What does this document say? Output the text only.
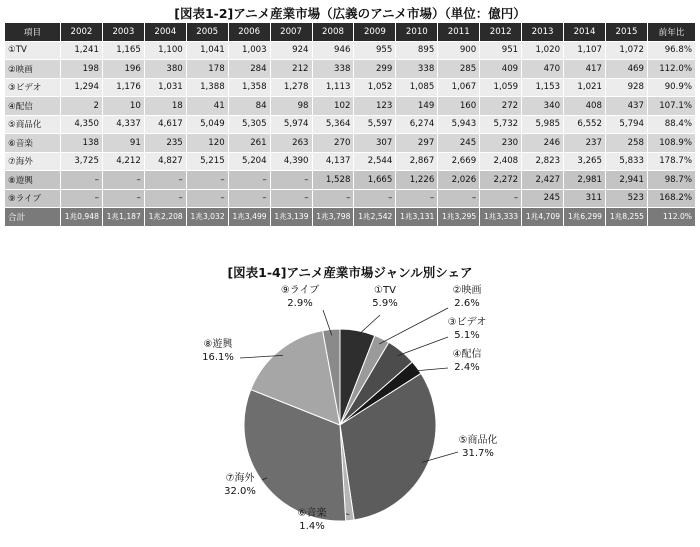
[図表1-2]アニメ産業市場（広義のアニメ市場）（単位：億円）
項目	2002	2003	2004	2005	2006	2007	2008	2009	2010	2011	2012	2013	2014	2015	前年比
①TV	1,241	1,165	1,100	1,041	1,003	924	946	955	895	900	951	1,020	1,107	1,072	96.8%
②映画	198	196	380	178	284	212	338	299	338	285	409	470	417	469	112.0%
③ビデオ	1,294	1,176	1,031	1,388	1,358	1,278	1,113	1,052	1,085	1,067	1,059	1,153	1,021	928	90.9%
④配信	2	10	18	41	84	98	102	123	149	160	272	340	408	437	107.1%
⑤商品化	4,350	4,337	4,617	5,049	5,305	5,974	5,364	5,597	6,274	5,943	5,732	5,985	6,552	5,794	88.4%
⑥音楽	138	91	235	120	261	263	270	307	297	245	230	246	237	258	108.9%
⑦海外	3,725	4,212	4,827	5,215	5,204	4,390	4,137	2,544	2,867	2,669	2,408	2,823	3,265	5,833	178.7%
⑧遊興	–	–	–	–	–	–	1,528	1,665	1,226	2,026	2,272	2,427	2,981	2,941	98.7%
⑨ライブ	–	–	–	–	–	–	–	–	–	–	–	245	311	523	168.2%
合計	1兆0,948	1兆1,187	1兆2,208	1兆3,032	1兆3,499	1兆3,139	1兆3,798	1兆2,542	1兆3,131	1兆3,295	1兆3,333	1兆4,709	1兆6,299	1兆8,255	112.0%
[図表1-4]アニメ産業市場ジャンル別シェア
①TV
5.9%
②映画
2.6%
③ビデオ
5.1%
④配信
2.4%
⑤商品化
31.7%
⑥音楽
1.4%
⑦海外
32.0%
⑧遊興
16.1%
⑨ライブ
2.9%
